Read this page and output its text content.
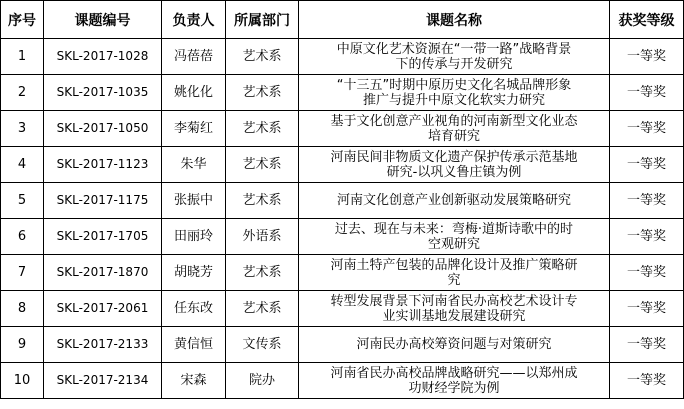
序号	课题编号	负责人	所属部门	课题名称	获奖等级
1	SKL-2017-1028	冯蓓蓓	艺术系	中原文化艺术资源在“一带一路”战略背景
下的传承与开发研究	一等奖
2	SKL-2017-1035	姚化化	艺术系	“十三五”时期中原历史文化名城品牌形象
推广与提升中原文化软实力研究	一等奖
3	SKL-2017-1050	李菊红	艺术系	基于文化创意产业视角的河南新型文化业态
培育研究	一等奖
4	SKL-2017-1123	朱华	艺术系	河南民间非物质文化遗产保护传承示范基地
研究-以巩义鲁庄镇为例	一等奖
5	SKL-2017-1175	张振中	艺术系	河南文化创意产业创新驱动发展策略研究	一等奖
6	SKL-2017-1705	田丽玲	外语系	过去、现在与未来：弯梅·道斯诗歌中的时
空观研究	一等奖
7	SKL-2017-1870	胡晓芳	艺术系	河南土特产包装的品牌化设计及推广策略研
究	一等奖
8	SKL-2017-2061	任东改	艺术系	转型发展背景下河南省民办高校艺术设计专
业实训基地发展建设研究	一等奖
9	SKL-2017-2133	黄信恒	文传系	河南民办高校筹资问题与对策研究	一等奖
10	SKL-2017-2134	宋森	院办	河南省民办高校品牌战略研究——以郑州成
功财经学院为例	一等奖
